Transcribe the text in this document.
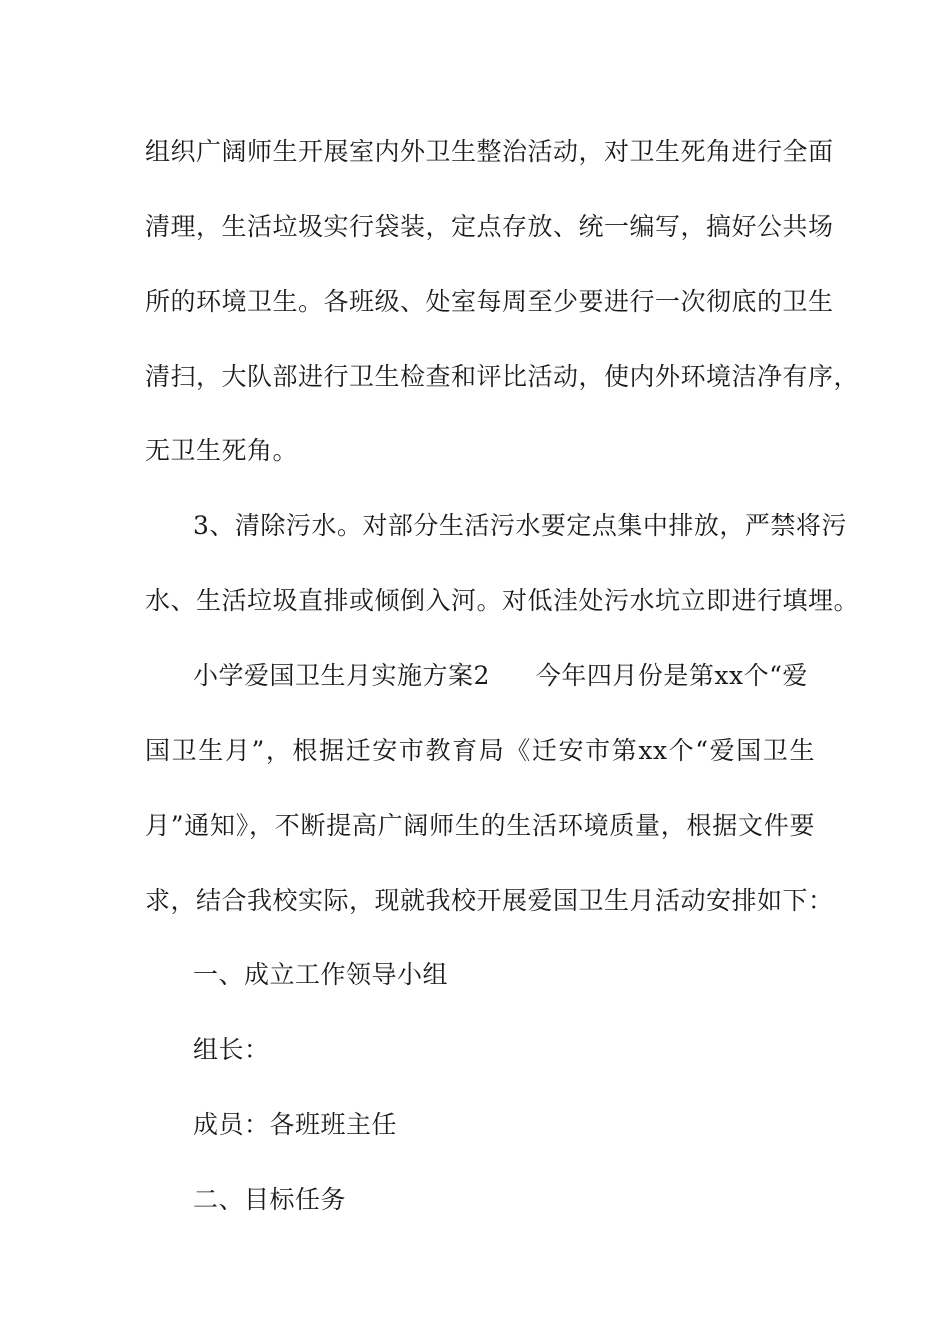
组织广阔师生开展室内外卫生整治活动，对卫生死角进行全面
清理，生活垃圾实行袋装，定点存放、统一编写，搞好公共场
所的环境卫生。各班级、处室每周至少要进行一次彻底的卫生
清扫，大队部进行卫生检查和评比活动，使内外环境洁净有序，
无卫生死角。
3、清除污水。对部分生活污水要定点集中排放，严禁将污
水、生活垃圾直排或倾倒入河。对低洼处污水坑立即进行填埋。
小学爱国卫生月实施方案2 今年四月份是第xx个“爱
国卫生月”，根据迁安市教育局《迁安市第xx个“爱国卫生
月”通知》，不断提高广阔师生的生活环境质量，根据文件要
求，结合我校实际，现就我校开展爱国卫生月活动安排如下：
一、成立工作领导小组
组长：
成员：各班班主任
二、目标任务
